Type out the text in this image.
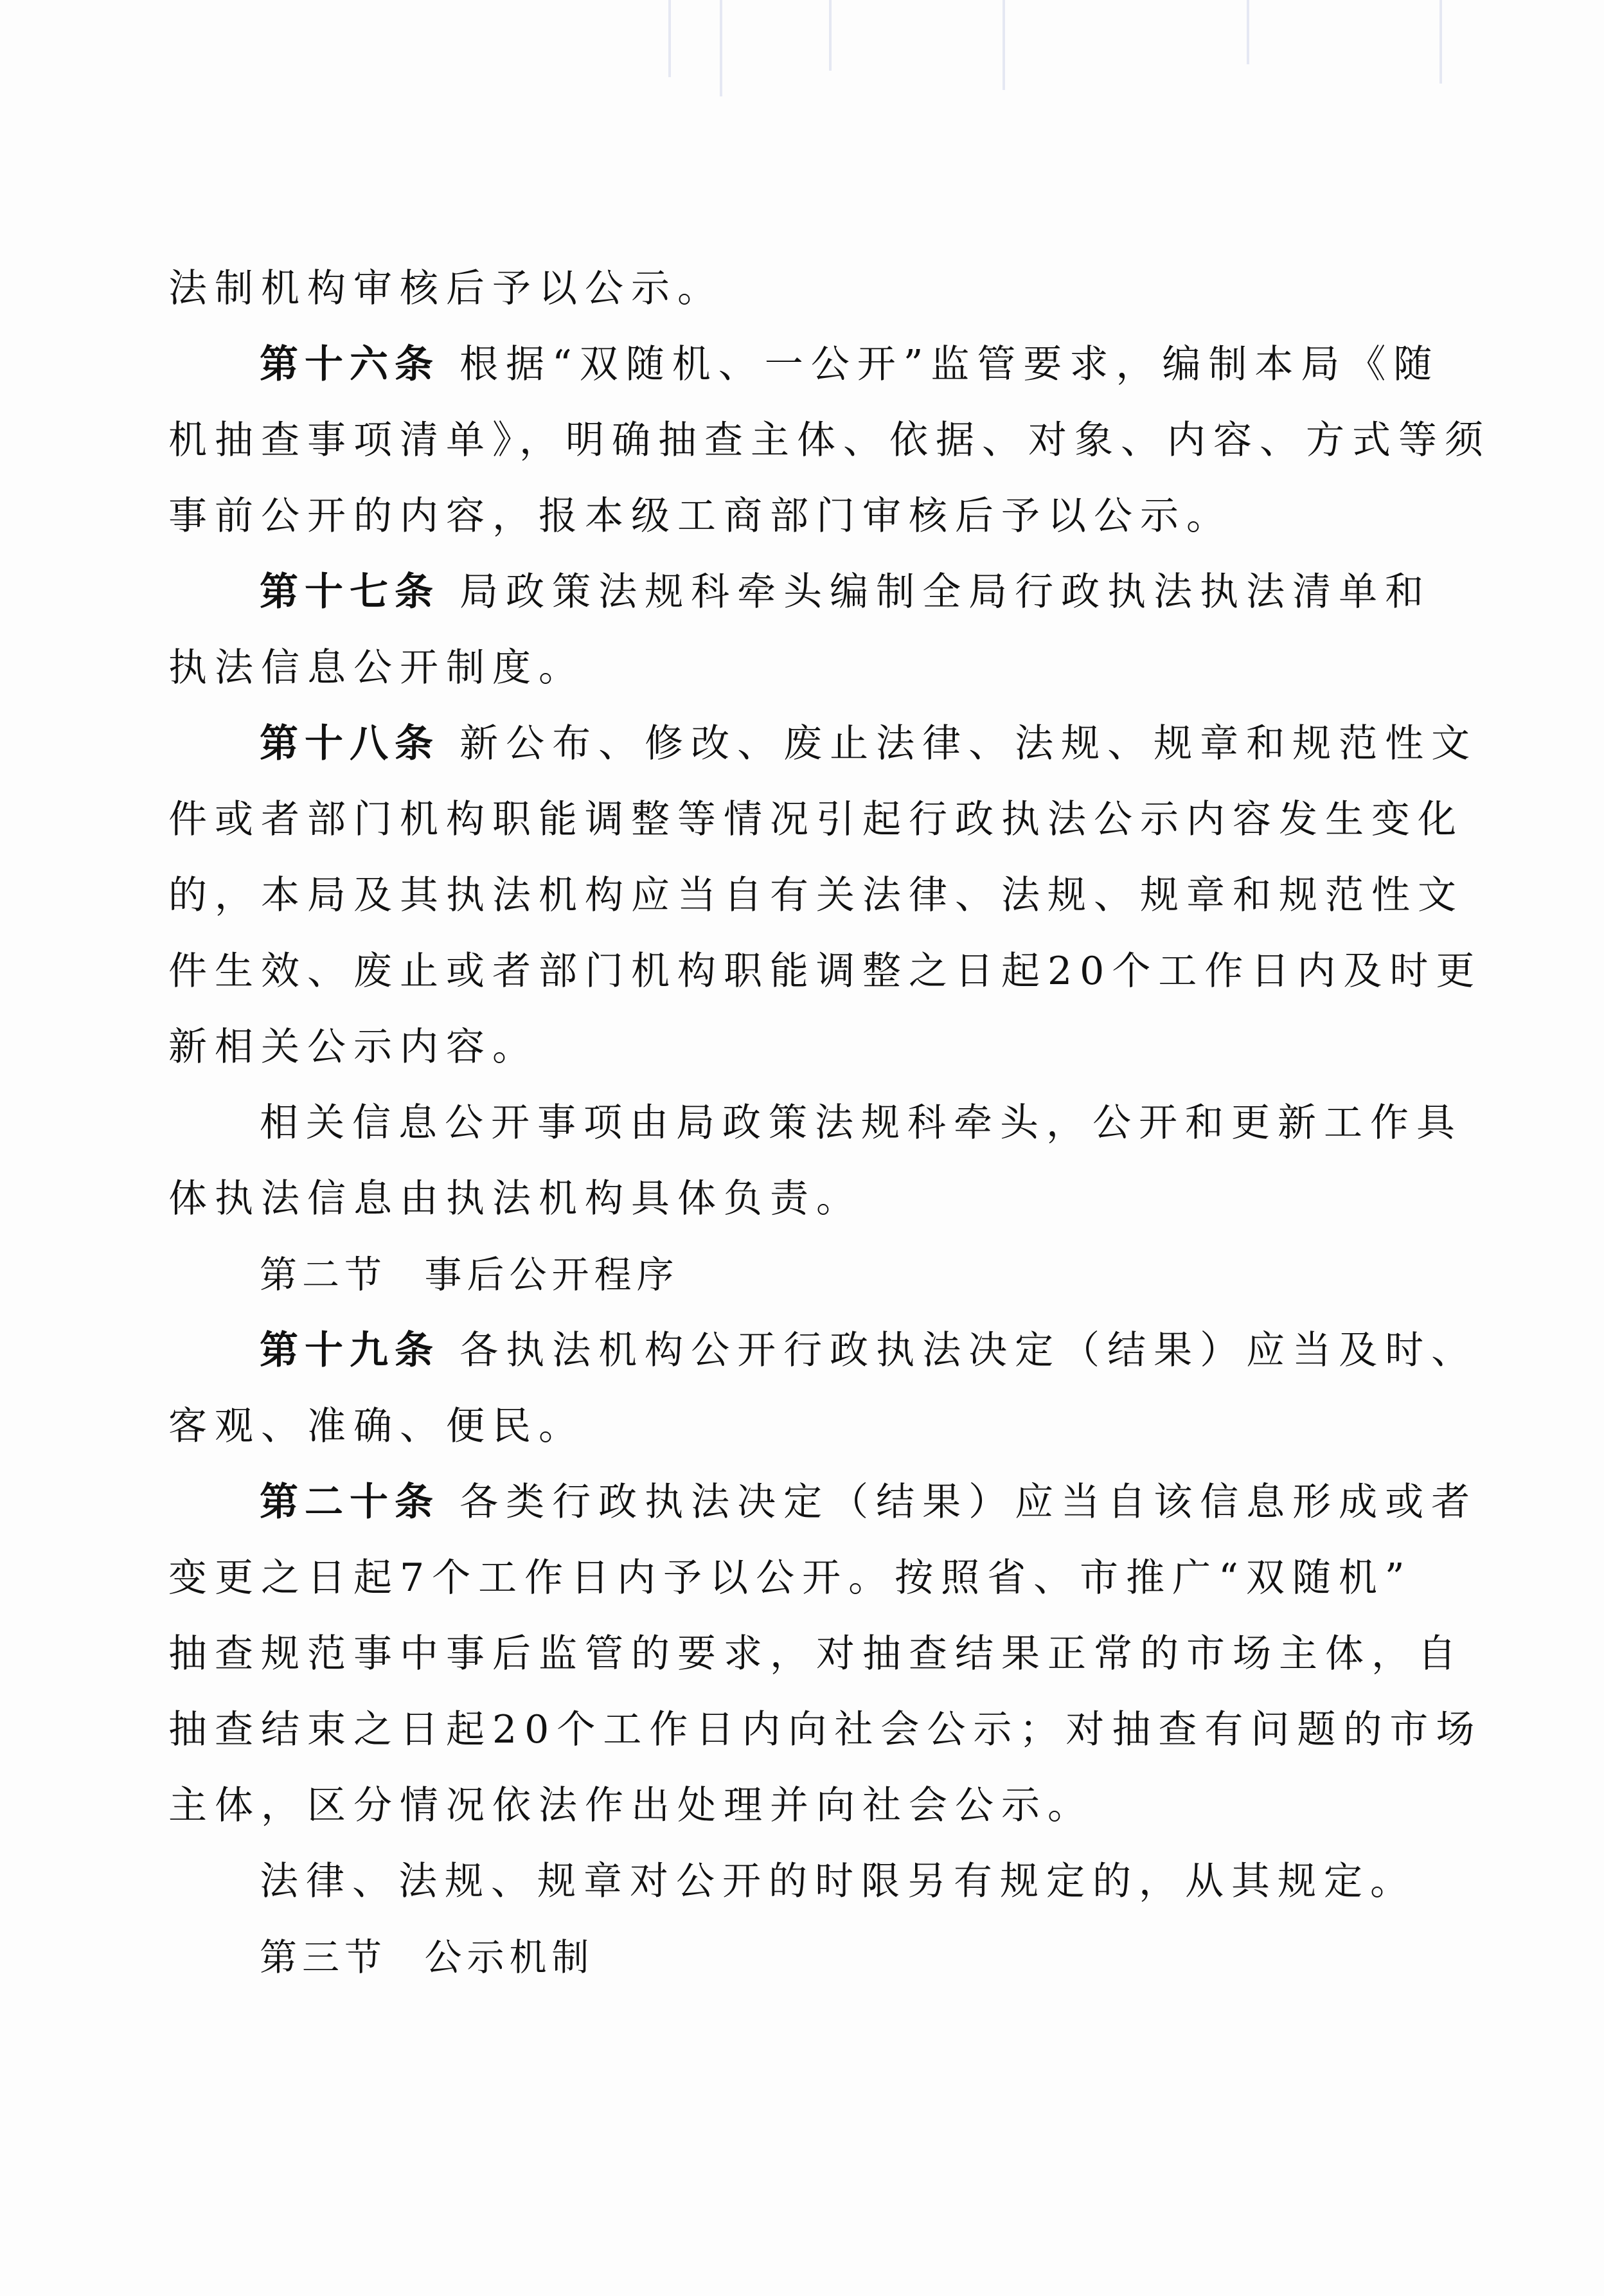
法制机构审核后予以公示。
第十六条 根据“双随机、一公开”监管要求，编制本局《随
机抽查事项清单》，明确抽查主体、依据、对象、内容、方式等须
事前公开的内容，报本级工商部门审核后予以公示。
第十七条 局政策法规科牵头编制全局行政执法执法清单和
执法信息公开制度。
第十八条 新公布、修改、废止法律、法规、规章和规范性文
件或者部门机构职能调整等情况引起行政执法公示内容发生变化
的，本局及其执法机构应当自有关法律、法规、规章和规范性文
件生效、废止或者部门机构职能调整之日起20个工作日内及时更
新相关公示内容。
相关信息公开事项由局政策法规科牵头，公开和更新工作具
体执法信息由执法机构具体负责。
第二节 事后公开程序
第十九条 各执法机构公开行政执法决定（结果）应当及时、
客观、准确、便民。
第二十条 各类行政执法决定（结果）应当自该信息形成或者
变更之日起7个工作日内予以公开。按照省、市推广“双随机”
抽查规范事中事后监管的要求，对抽查结果正常的市场主体，自
抽查结束之日起20个工作日内向社会公示；对抽查有问题的市场
主体，区分情况依法作出处理并向社会公示。
法律、法规、规章对公开的时限另有规定的，从其规定。
第三节 公示机制
